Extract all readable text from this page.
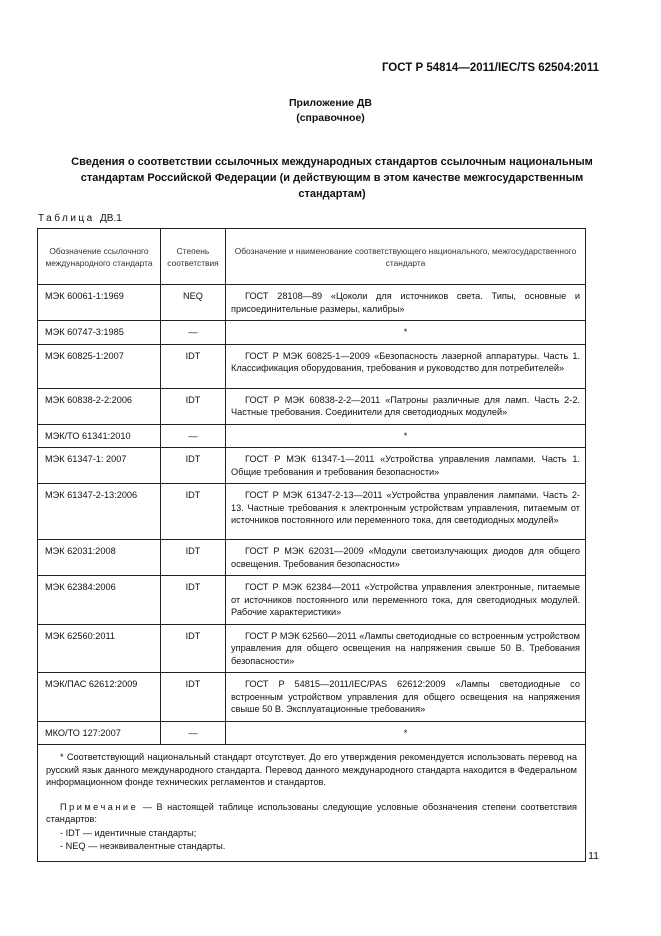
ГОСТ Р 54814—2011/IEC/TS 62504:2011
Приложение ДВ
(справочное)
Сведения о соответствии ссылочных международных стандартов ссылочным национальным стандартам Российской Федерации (и действующим в этом качестве межгосударственным стандартам)
Таблица ДВ.1
Обозначение ссылочного международного стандарта	Степень соответствия	Обозначение и наименование соответствующего национального, межгосударственного стандарта
МЭК 60061-1:1969	NEQ	ГОСТ 28108—89 «Цоколи для источников света. Типы, основные и присоединительные размеры, калибры»
МЭК 60747-3:1985	—	*
МЭК 60825-1:2007	IDT	ГОСТ Р МЭК 60825-1—2009 «Безопасность лазерной аппаратуры. Часть 1. Классификация оборудования, требования и руководство для потребителей»
МЭК 60838-2-2:2006	IDT	ГОСТ Р МЭК 60838-2-2—2011 «Патроны различные для ламп. Часть 2-2. Частные требования. Соединители для светодиодных модулей»
МЭК/ТО 61341:2010	—	*
МЭК 61347-1: 2007	IDT	ГОСТ Р МЭК 61347-1—2011 «Устройства управления лампами. Часть 1. Общие требования и требования безопасности»
МЭК 61347-2-13:2006	IDT	ГОСТ Р МЭК 61347-2-13—2011 «Устройства управления лампами. Часть 2-13. Частные требования к электронным устройствам управления, питаемым от источников постоянного или переменного тока, для светодиодных модулей»
МЭК 62031:2008	IDT	ГОСТ Р МЭК 62031—2009 «Модули светоизлучающих диодов для общего освещения. Требования безопасности»
МЭК 62384:2006	IDT	ГОСТ Р МЭК 62384—2011 «Устройства управления электронные, питаемые от источников постоянного или переменного тока, для светодиодных модулей. Рабочие характеристики»
МЭК 62560:2011	IDT	ГОСТ Р МЭК 62560—2011 «Лампы светодиодные со встроенным устройством управления для общего освещения на напряжения свыше 50 В. Требования безопасности»
МЭК/ПАС 62612:2009	IDT	ГОСТ Р 54815—2011/IEC/PAS 62612:2009 «Лампы светодиодные со встроенным устройством управления для общего освещения на напряжения свыше 50 В. Эксплуатационные требования»
МКО/ТО 127:2007	—	*

* Соответствующий национальный стандарт отсутствует. До его утверждения рекомендуется использовать перевод на русский язык данного международного стандарта. Перевод данного международного стандарта находится в Федеральном информационном фонде технических регламентов и стандартов.

Примечание — В настоящей таблице использованы следующие условные обозначения степени соответствия стандартов:

- IDT — идентичные стандарты;

- NEQ — неэквивалентные стандарты.		

11
